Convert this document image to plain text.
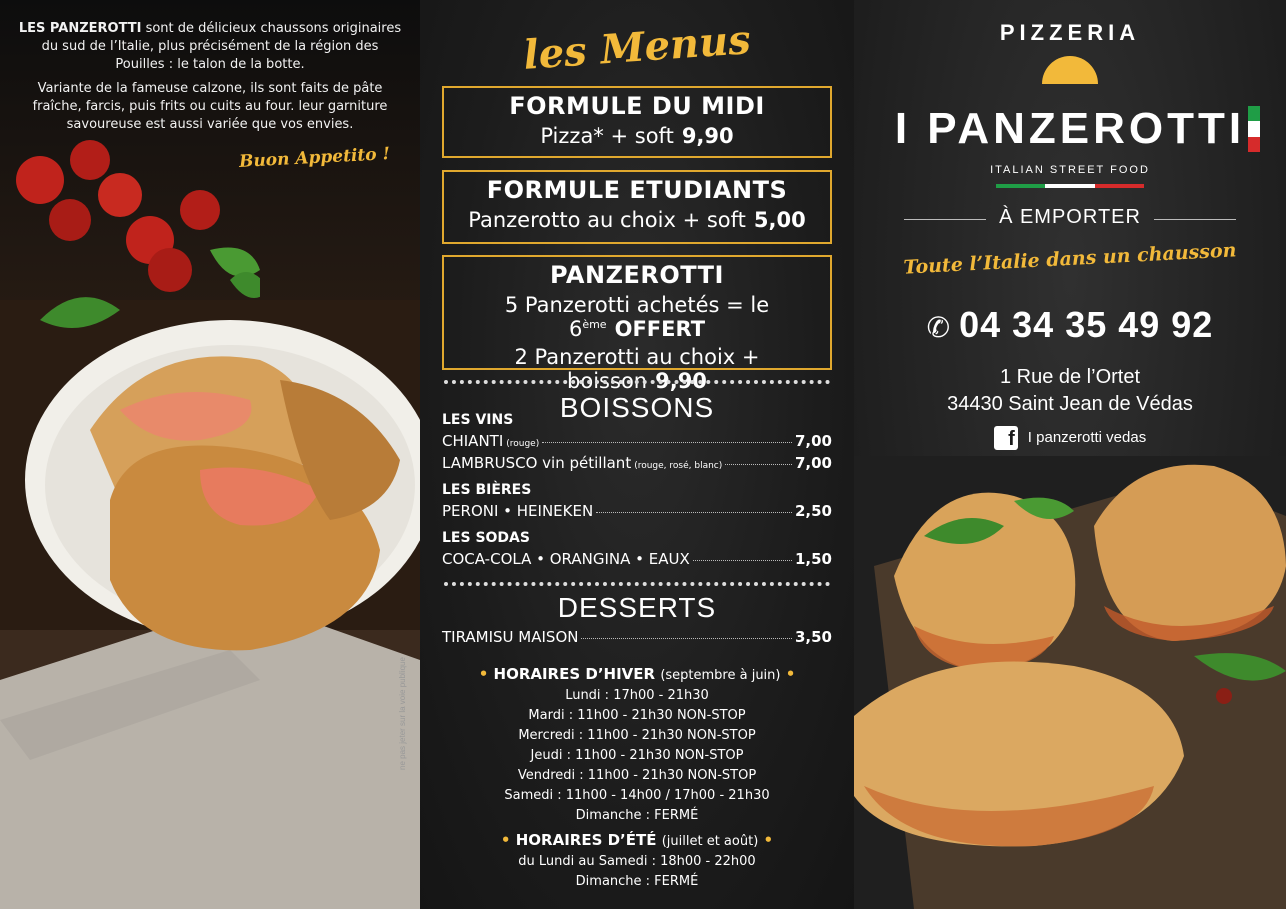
LES PANZEROTTI sont de délicieux chaussons originaires du sud de l’Italie, plus précisément de la région des Pouilles : le talon de la botte.

Variante de la fameuse calzone, ils sont faits de pâte fraîche, farcis, puis frits ou cuits au four. leur garniture savoureuse est aussi variée que vos envies.

Buon Appetito !
ne pas jeter sur la voie publique
les Menus
FORMULE DU MIDI
Pizza* + soft 9,90
FORMULE ETUDIANTS
Panzerotto au choix + soft 5,00
PANZEROTTI
5 Panzerotti achetés = le 6ème OFFERT
2 Panzerotti au choix + boisson 9,90
BOISSONS
LES VINS
CHIANTI (rouge)	7,00
LAMBRUSCO vin pétillant (rouge, rosé, blanc)	7,00
LES BIÈRES
PERONI • HEINEKEN	2,50
LES SODAS
COCA-COLA • ORANGINA • EAUX	1,50
DESSERTS
TIRAMISU MAISON	3,50
• HORAIRES D’HIVER (septembre à juin) •
Lundi : 17h00 - 21h30
Mardi : 11h00 - 21h30 NON-STOP
Mercredi : 11h00 - 21h30 NON-STOP
Jeudi : 11h00 - 21h30 NON-STOP
Vendredi : 11h00 - 21h30 NON-STOP
Samedi : 11h00 - 14h00 / 17h00 - 21h30
Dimanche : FERMÉ
• HORAIRES D’ÉTÉ (juillet et août) •
du Lundi au Samedi : 18h00 - 22h00
Dimanche : FERMÉ
PIZZERIA
I PANZEROTTI
ITALIAN STREET FOOD
À EMPORTER
Toute l’Italie dans un chausson
✆ 04 34 35 49 92
1 Rue de l’Ortet
34430 Saint Jean de Védas
f I panzerotti vedas
